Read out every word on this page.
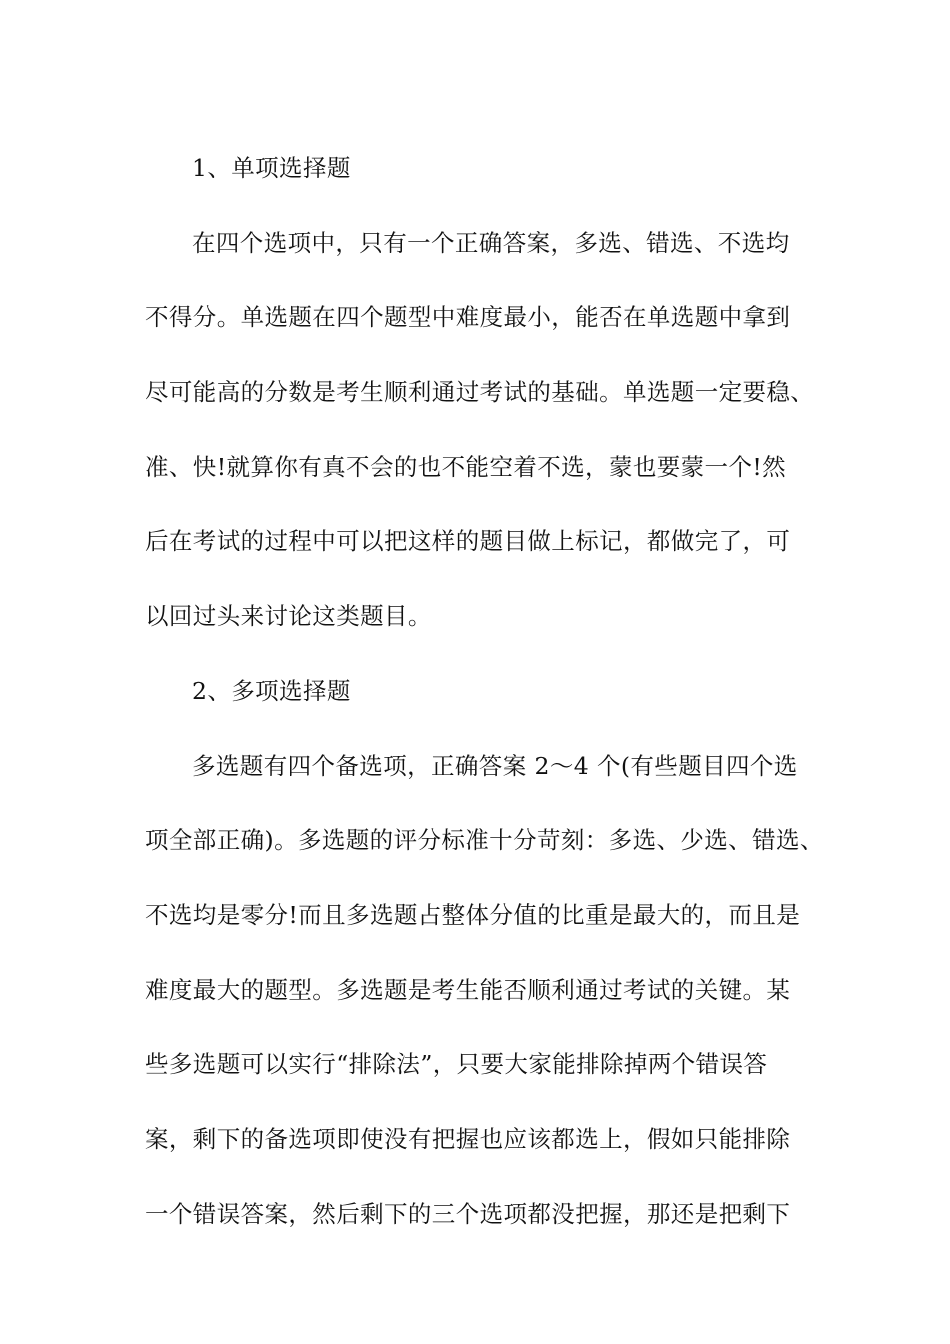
1、单项选择题
在四个选项中，只有一个正确答案，多选、错选、不选均
不得分。单选题在四个题型中难度最小，能否在单选题中拿到
尽可能高的分数是考生顺利通过考试的基础。单选题一定要稳、
准、快!就算你有真不会的也不能空着不选，蒙也要蒙一个!然
后在考试的过程中可以把这样的题目做上标记，都做完了，可
以回过头来讨论这类题目。
2、多项选择题
多选题有四个备选项，正确答案 2～4 个(有些题目四个选
项全部正确)。多选题的评分标准十分苛刻：多选、少选、错选、
不选均是零分!而且多选题占整体分值的比重是最大的，而且是
难度最大的题型。多选题是考生能否顺利通过考试的关键。某
些多选题可以实行“排除法”，只要大家能排除掉两个错误答
案，剩下的备选项即使没有把握也应该都选上，假如只能排除
一个错误答案，然后剩下的三个选项都没把握，那还是把剩下
